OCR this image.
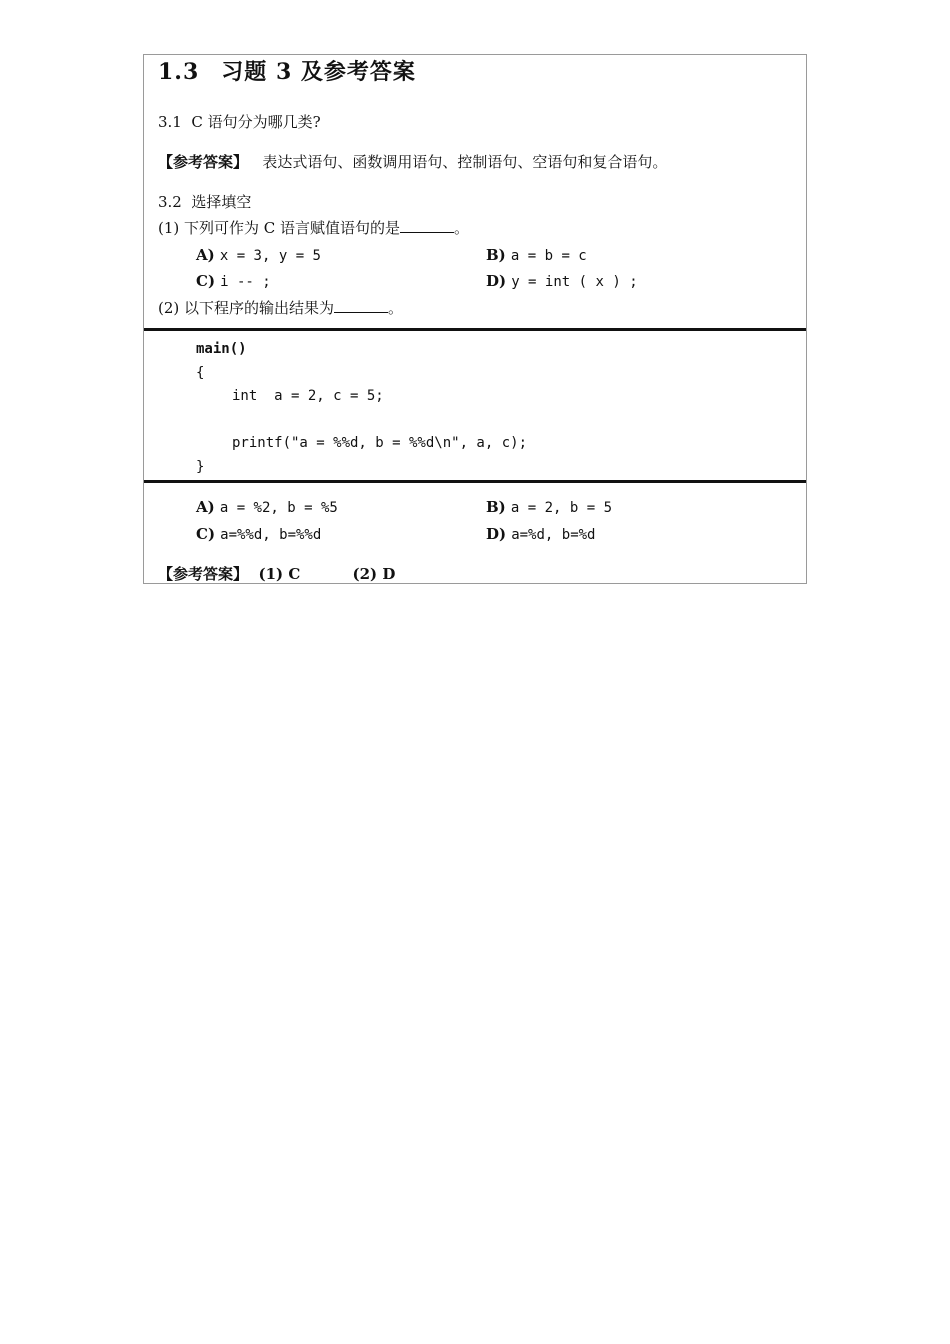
1.3 习题 3 及参考答案
3.1 C 语句分为哪几类?
【参考答案】 表达式语句、函数调用语句、控制语句、空语句和复合语句。
3.2 选择填空
(1) 下列可作为 C 语言赋值语句的是	。
A) x = 3, y = 5	B) a = b = c
C) i -- ;	D) y = int ( x ) ;
(2) 以下程序的输出结果为	。
main()
{
int  a = 2, c = 5;
printf("a = %%d, b = %%d\n", a, c);
}
A) a = %2, b = %5	B) a = 2, b = 5
C) a=%%d, b=%%d	D) a=%d, b=%d
【参考答案】 (1) C	(2) D
